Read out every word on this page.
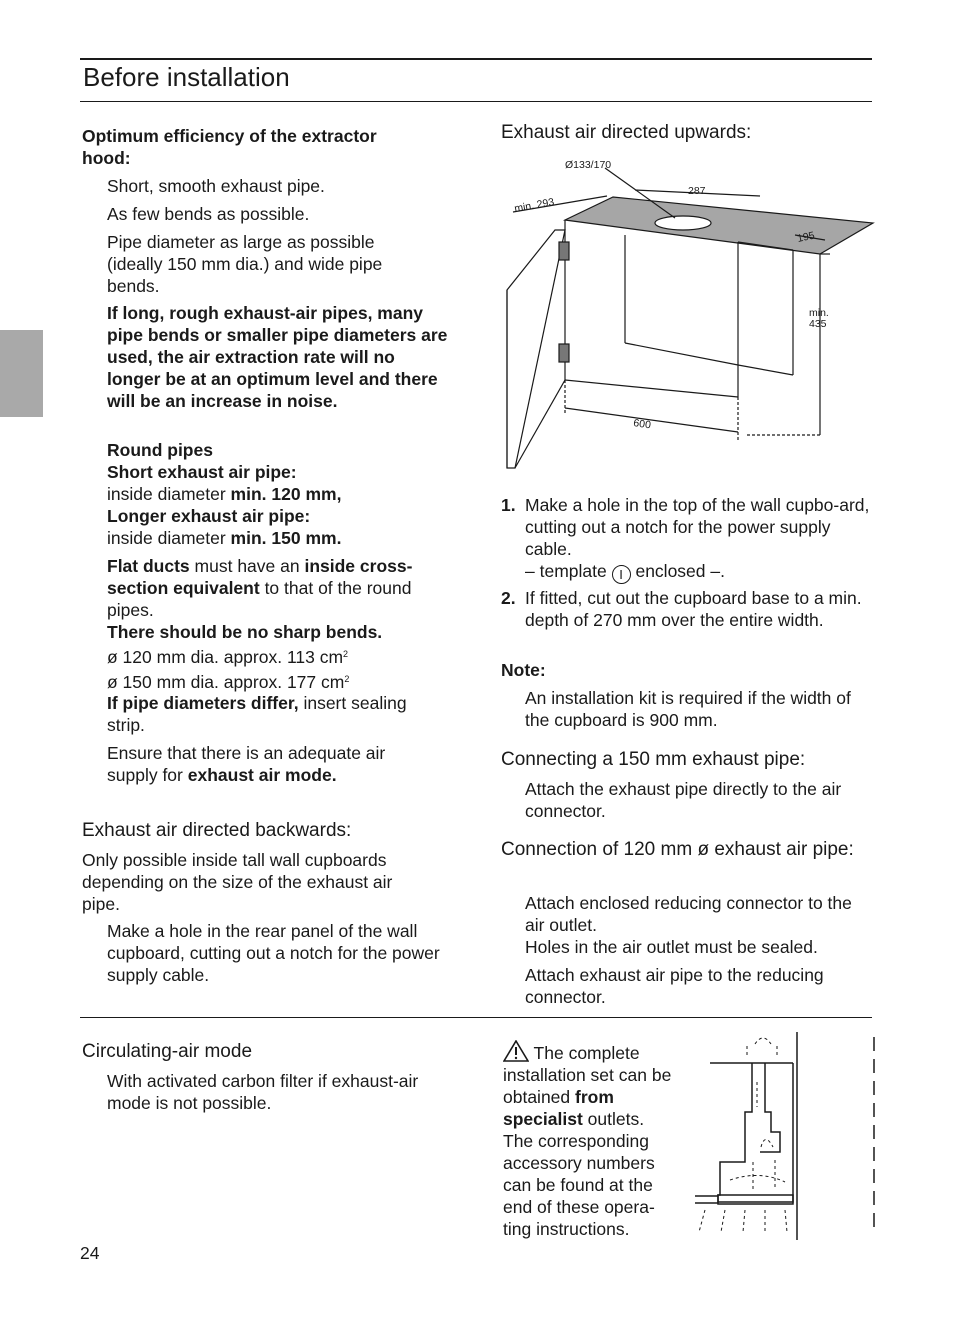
Before installation
Optimum efficiency of the extractor hood:
Short, smooth exhaust pipe.
As few bends as possible.
Pipe diameter as large as possible (ideally 150 mm dia.) and wide pipe bends.
If long, rough exhaust-air pipes, many pipe bends or smaller pipe diameters are used, the air extraction rate will no longer be at an optimum level and there will be an increase in noise.
Round pipes
Short exhaust air pipe:
inside diameter min. 120 mm,
Longer exhaust air pipe:
inside diameter min. 150 mm.
Flat ducts must have an inside cross-section equivalent to that of the round pipes.
There should be no sharp bends.
ø 120 mm dia. approx. 113 $cm^2$
ø 150 mm dia. approx. 177 $cm^2$
If pipe diameters differ, insert sealing strip.
Ensure that there is an adequate air supply for exhaust air mode.
Exhaust air directed backwards:
Only possible inside tall wall cupboards depending on the size of the exhaust air pipe.
Make a hole in the rear panel of the wall cupboard, cutting out a notch for the power supply cable.
Exhaust air directed upwards:
Ø133/170
287
min. 293
195
min.
435
600
1. Make a hole in the top of the wall cupbo-ard, cutting out a notch for the power supply cable.
– template I enclosed –.
2. If fitted, cut out the cupboard base to a min. depth of 270 mm over the entire width.
Note:
An installation kit is required if the width of the cupboard is 900 mm.
Connecting a 150 mm exhaust pipe:
Attach the exhaust pipe directly to the air connector.
Connection of 120 mm ø exhaust air pipe:
Attach enclosed reducing connector to the air outlet.
Holes in the air outlet must be sealed.
Attach exhaust air pipe to the reducing connector.
Circulating-air mode
With activated carbon filter if exhaust-air mode is not possible.
The complete installation set can be obtained from specialist outlets. The corresponding accessory numbers can be found at the end of these opera-ting instructions.
24
